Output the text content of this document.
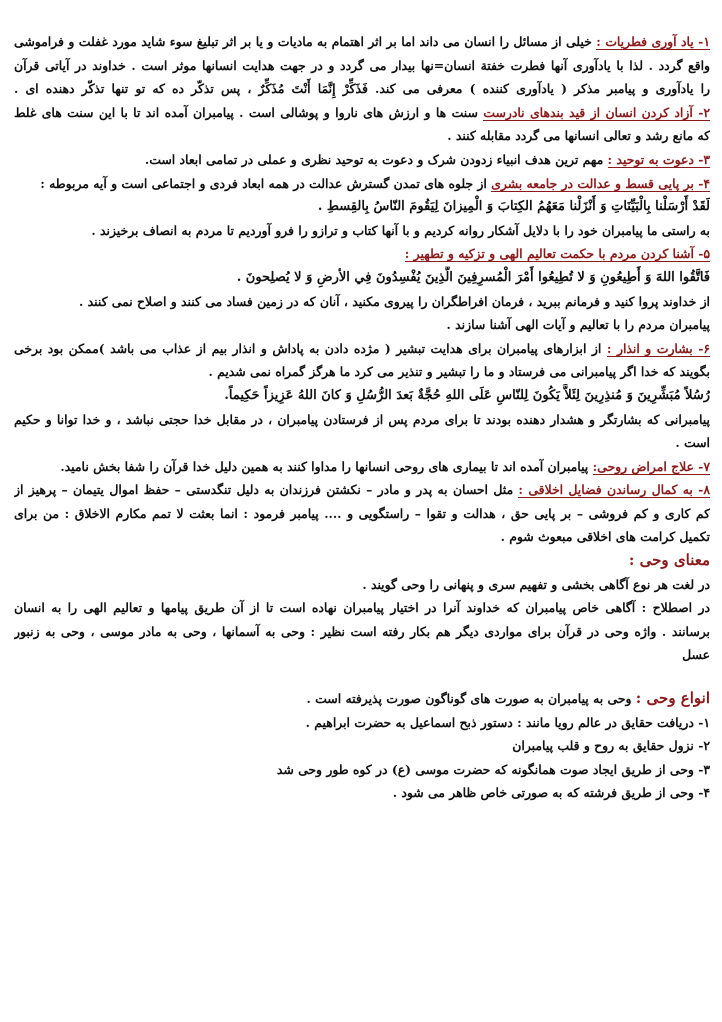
۱- یاد آوری فطریات : خیلی از مسائل را انسان می داند اما بر اثر اهتمام به ماديات و يا بر اثر تبليغ سوء شايد مورد غفلت و فراموشی
واقع گردد . لذا با یادآوری آنها فطرت خفتة انسان=نها بیدار می گردد و در جهت هدایت انسانها موثر است . خداوند در آیاتی قرآن
را یادآوری و پیامبر مذکر ( یادآوری کننده ) معرفی می کند. فَذَكِّرْ إِنَّمَا أَنْتَ مُذَكِّرٌ ، پس تذکّر ده که تو تنها تذکّر دهنده ای .
۲- آزاد کردن انسان از قید بندهای نادرست سنت ها و ارزش های ناروا و پوشالی است . پیامبران آمده اند تا با این سنت های غلط
که مانع رشد و تعالی انسانها می گردد مقابله کنند .
۳- دعوت به توحید : مهم ترین هدف انبیاء زدودن شرک و دعوت به توحید نظری و عملی در تمامی ابعاد است.
۴- بر پایی قسط و عدالت در جامعه بشری از جلوه های تمدن گسترش عدالت در همه ابعاد فردی و اجتماعی است و آیه مربوطه :
لَقَدْ أَرْسَلْنا بِالْبَيِّنَاتِ وَ أَنْزَلْنا مَعَهُمُ الكِتابَ وَ الْمِيزانَ لِيَقُومَ النّاسُ بِالقِسطِ .
به راستی ما پیامبران خود را با دلایل آشکار روانه کردیم و با آنها کتاب و ترازو را فرو آوردیم تا مردم به انصاف برخیزند .
۵- آشنا کردن مردم با حکمت تعالیم الهی و تزکیه و تطهیر :
فَاتَّقُوا اللهَ وَ أَطِيعُونِ وَ لا تُطِيعُوا أَمْرَ الْمُسرِفِينَ الَّذِينَ يُفْسِدُونَ فِي الأرضِ وَ لا يُصلِحونَ .
از خداوند پروا کنید و فرمانم ببرید ، فرمان افراطگران را پیروی مکنید ، آنان که در زمین فساد می کنند و اصلاح نمی کنند .
پیامبران مردم را با تعالیم و آیات الهی آشنا سازند .
۶- بشارت و انذار : از ابزارهای پیامبران برای هدایت تبشیر ( مژده دادن به پاداش و انذار بیم از عذاب می باشد )ممکن بود برخی
بگویند که خدا اگر پیامبرانی می فرستاد و ما را تبشیر و تنذیر می کرد ما هرگز گمراه نمی شدیم .
رُسُلاً مُبَشِّرِينَ وَ مُنذِرِينَ لِئَلاَّ يَكُونَ لِلنّاسِ عَلَى اللهِ حُجَّةٌ بَعدَ الرُّسُلِ وَ كانَ اللهُ عَزِيزاً حَكِيماً.
پیامبرانی که بشارتگر و هشدار دهنده بودند تا برای مردم پس از فرستادن پیامبران ، در مقابل خدا حجتی نباشد ، و خدا توانا و حکیم
است .
۷- علاج امراض روحی: پیامبران آمده اند تا بیماری های روحی انسانها را مداوا کنند به همین دلیل خدا قرآن را شفا بخش نامید.
۸- به کمال رساندن فضایل اخلاقی : مثل احسان به پدر و مادر – نکشتن فرزندان به دلیل تنگدستی – حفظ اموال یتیمان – پرهیز از
کم کاری و کم فروشی – بر پایی حق ، هدالت و تقوا – راستگویی و .... پیامبر فرمود : انما بعثت لا تمم مکارم الاخلاق : من برای
تکمیل کرامت های اخلاقی مبعوث شوم .
معنای وحی :
در لغت هر نوع آگاهی بخشی و تفهیم سری و پنهانی را وحی گویند .
در اصطلاح : آگاهی خاص پیامبران که خداوند آنرا در اختیار پیامبران نهاده است تا از آن طریق پیامها و تعالیم الهی را به انسان
برسانند . واژه وحی در قرآن برای مواردی دیگر هم بکار رفته است نظیر : وحی به آسمانها ، وحی به مادر موسی ، وحی به زنبور
عسل
انواع وحی : وحی به پیامبران به صورت های گوناگون صورت پذیرفته است .
۱- دریافت حقایق در عالم رویا مانند : دستور ذبح اسماعیل به حضرت ابراهیم .
۲- نزول حقایق به روح و قلب پیامبران
۳- وحی از طریق ایجاد صوت همانگونه که حضرت موسی (ع) در کوه طور وحی شد
۴- وحی از طریق فرشته که به صورتی خاص ظاهر می شود .
